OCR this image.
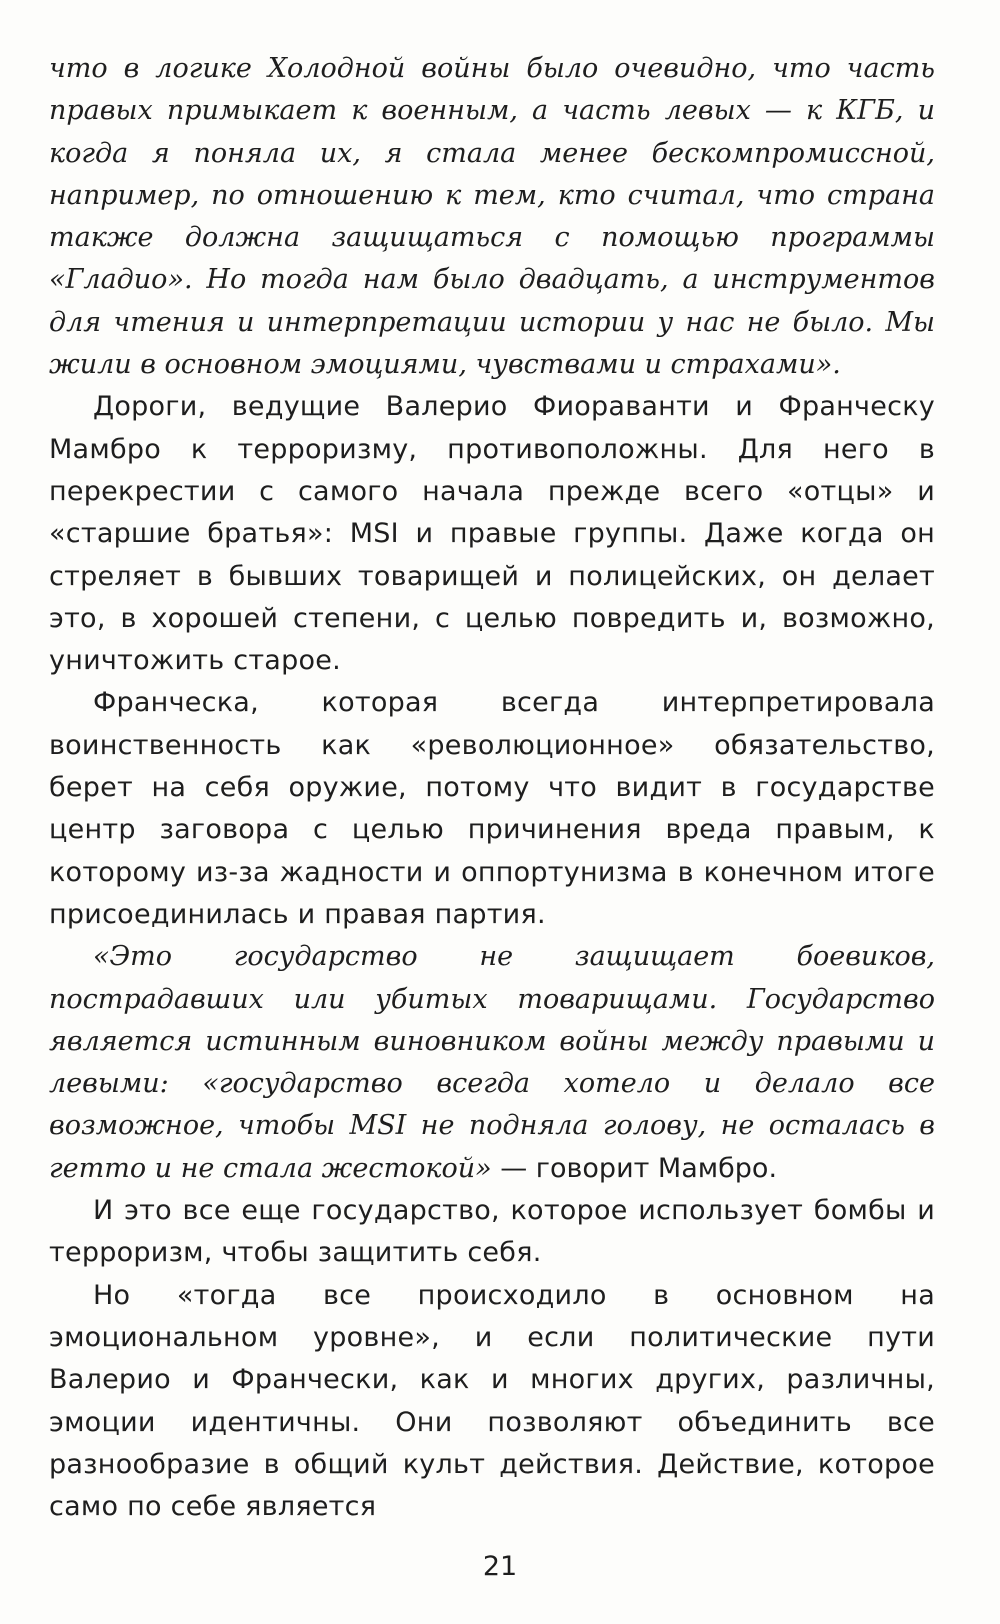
что в логике Холодной войны было очевидно, что часть правых примыкает к военным, а часть левых — к КГБ, и когда я поняла их, я стала менее бескомпромиссной, например, по отношению к тем, кто считал, что страна также должна защищаться с помощью программы «Гладио». Но тогда нам было двадцать, а инструментов для чтения и интерпретации истории у нас не было. Мы жили в основном эмоциями, чувствами и страхами».

Дороги, ведущие Валерио Фиораванти и Франческу Мамбро к терроризму, противоположны. Для него в перекрестии с самого начала прежде всего «отцы» и «старшие братья»: MSI и правые группы. Даже когда он стреляет в бывших товарищей и полицейских, он делает это, в хорошей степени, с целью повредить и, возможно, уничтожить старое.

Франческа, которая всегда интерпретировала воинственность как «революционное» обязательство, берет на себя оружие, потому что видит в государстве центр заговора с целью причинения вреда правым, к которому из-за жадности и оппортунизма в конечном итоге присоединилась и правая партия.

«Это государство не защищает боевиков, пострадавших или убитых товарищами. Государство является истинным виновником войны между правыми и левыми: «государство всегда хотело и делало все возможное, чтобы MSI не подняла голову, не осталась в гетто и не стала жестокой» — говорит Мамбро.

И это все еще государство, которое использует бомбы и терроризм, чтобы защитить себя.

Но «тогда все происходило в основном на эмоциональном уровне», и если политические пути Валерио и Франчески, как и многих других, различны, эмоции идентичны. Они позволяют объединить все разнообразие в общий культ действия. Действие, которое само по себе является

21
